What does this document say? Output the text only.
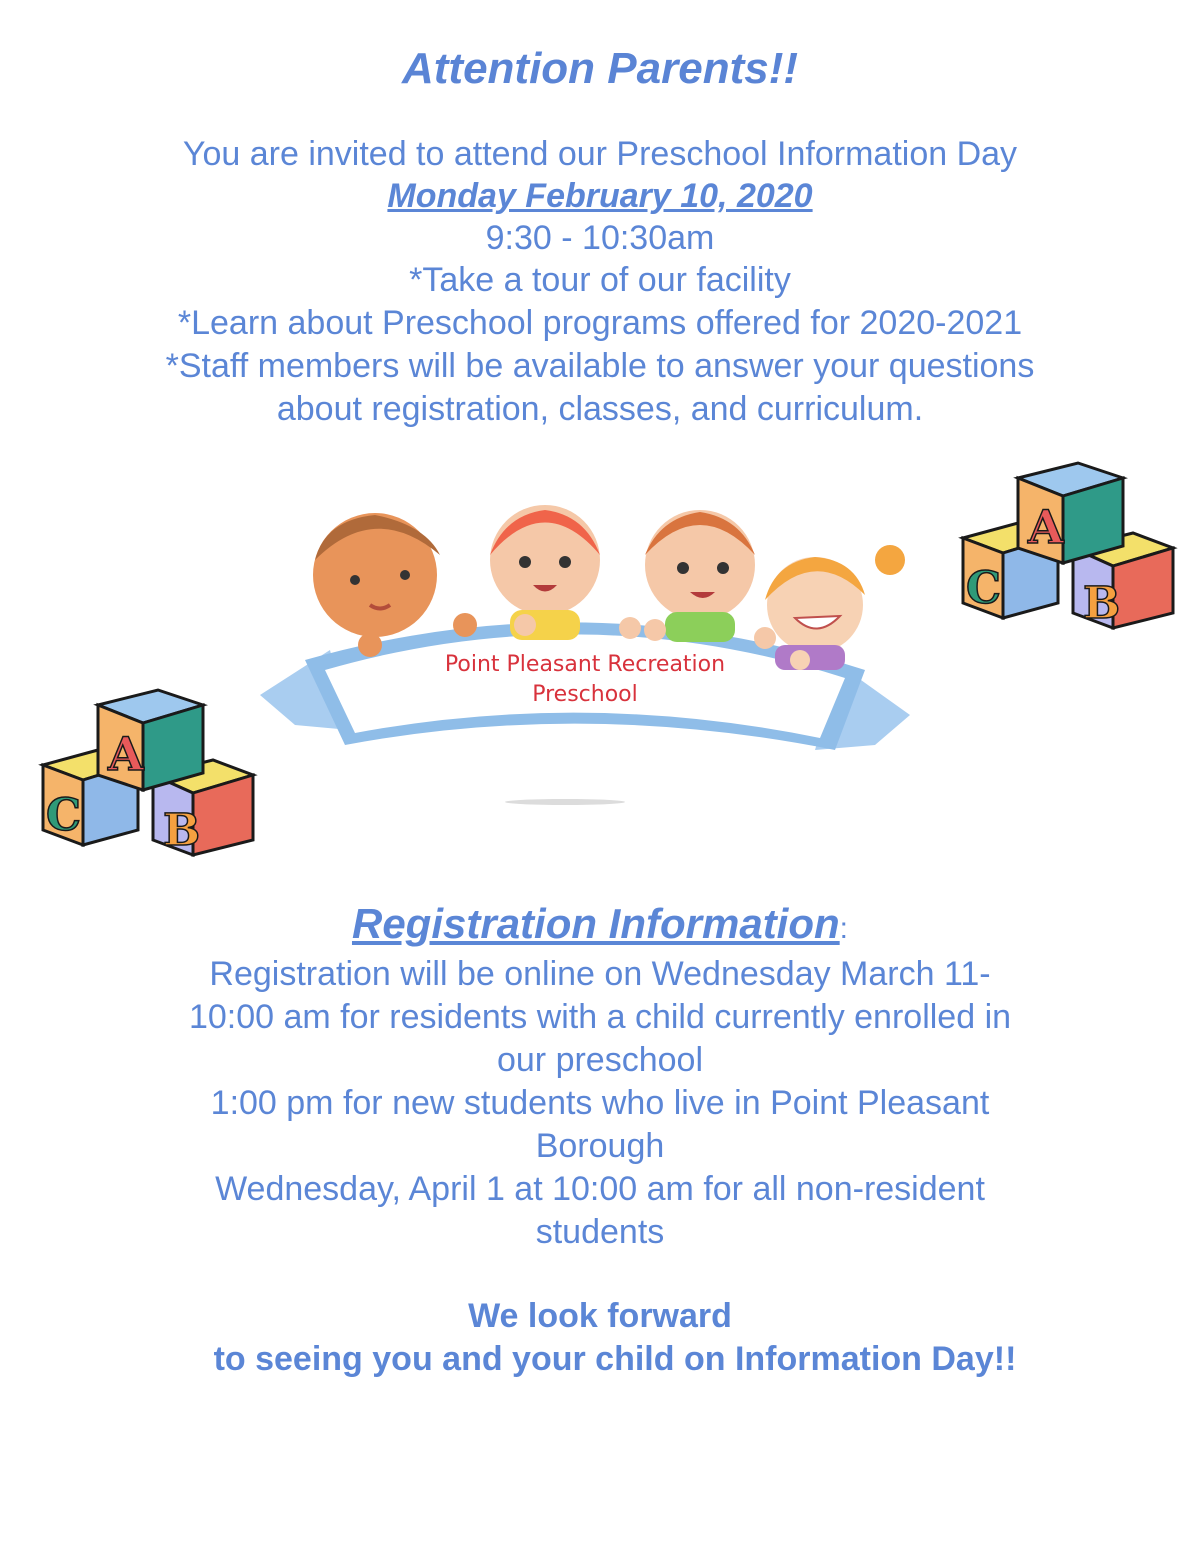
Attention Parents!!
You are invited to attend our Preschool Information Day
Monday February 10, 2020
9:30 - 10:30am
*Take a tour of our facility
*Learn about Preschool programs offered for 2020-2021
*Staff members will be available to answer your questions
about registration, classes, and curriculum.
Point Pleasant Recreation
Preschool
A
B
C
A
B
C
Registration Information:
Registration will be online on Wednesday March 11-
10:00 am for residents with a child currently enrolled in
our preschool
1:00 pm for new students who live in Point Pleasant
Borough
Wednesday, April 1 at 10:00 am for all non-resident
students
We look forward
to seeing you and your child on Information Day!!
